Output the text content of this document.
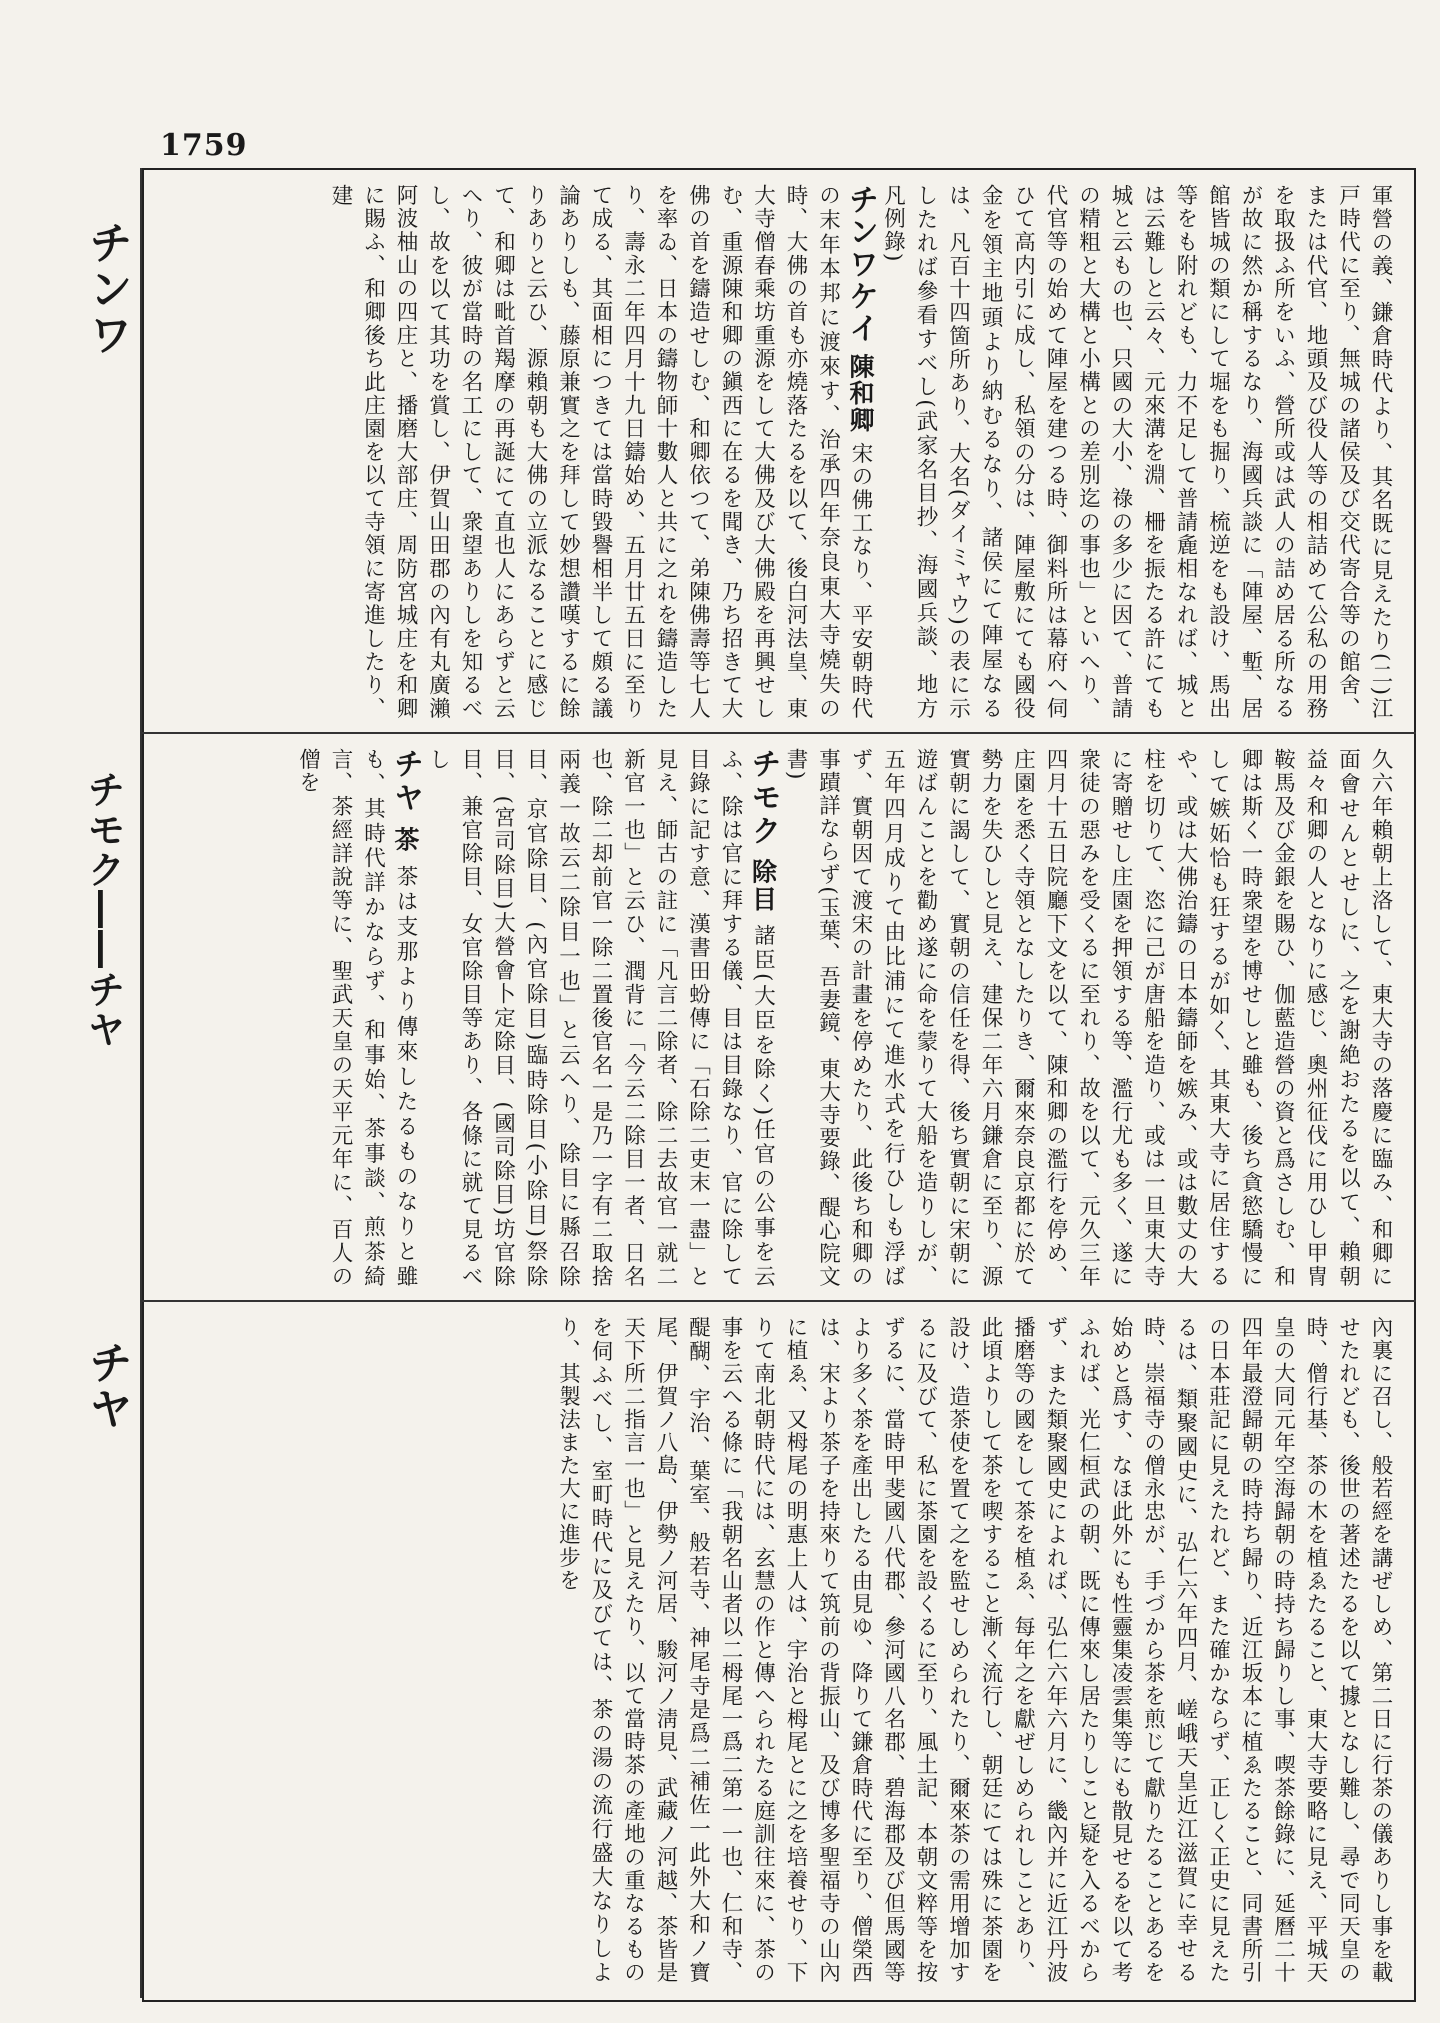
1759
チンワ
チモク――チヤ
チヤ

軍營の義、鎌倉時代より、其名既に見えたり(二)江戸時代に至り、無城の諸侯及び交代寄合等の館舍、または代官、地頭及び役人等の相詰めて公私の用務を取扱ふ所をいふ、營所或は武人の詰め居る所なるが故に然か稱するなり、海國兵談に「陣屋、塹、居館皆城の類にして堀をも掘り、梳逆をも設け、馬出等をも附れども、力不足して普請麁相なれば、城とは云難しと云々、元來溝を淵、柵を振たる許にても城と云もの也、只國の大小、祿の多少に因て、普請の精粗と大構と小構との差別迄の事也」といへり、代官等の始めて陣屋を建つる時、御料所は幕府へ伺ひて高内引に成し、私領の分は、陣屋敷にても國役金を領主地頭より納むるなり、諸侯にて陣屋なるは、凡百十四箇所あり、大名(ダイミャウ)の表に示したれば參看すべし(武家名目抄、海國兵談、地方凡例錄)

チンワケイ 陳和卿 宋の佛工なり、平安朝時代の末年本邦に渡來す、治承四年奈良東大寺燒失の時、大佛の首も亦燒落たるを以て、後白河法皇、東大寺僧春乘坊重源をして大佛及び大佛殿を再興せしむ、重源陳和卿の鎭西に在るを聞き、乃ち招きて大佛の首を鑄造せしむ、和卿依つて、弟陳佛壽等七人を率ゐ、日本の鑄物師十數人と共に之れを鑄造したり、壽永二年四月十九日鑄始め、五月廿五日に至りて成る、其面相につきては當時毀譽相半して頗る議論ありしも、藤原兼實之を拜して妙想讚嘆するに餘りありと云ひ、源賴朝も大佛の立派なることに感じて、和卿は毗首羯摩の再誕にて直也人にあらずと云へり、彼が當時の名工にして、衆望ありしを知るべし、故を以て其功を賞し、伊賀山田郡の內有丸廣瀨阿波柚山の四庄と、播磨大部庄、周防宮城庄を和卿に賜ふ、和卿後ち此庄園を以て寺領に寄進したり、建

久六年賴朝上洛して、東大寺の落慶に臨み、和卿に面會せんとせしに、之を謝絶おたるを以て、賴朝益々和卿の人となりに感じ、奧州征伐に用ひし甲冑鞍馬及び金銀を賜ひ、伽藍造營の資と爲さしむ、和卿は斯く一時衆望を博せしと雖も、後ち貪慾驕慢にして嫉妬恰も狂するが如く、其東大寺に居住するや、或は大佛治鑄の日本鑄師を嫉み、或は數丈の大柱を切りて、恣に己が唐船を造り、或は一旦東大寺に寄贈せし庄園を押領する等、濫行尤も多く、遂に衆徒の惡みを受くるに至れり、故を以て、元久三年四月十五日院廳下文を以て、陳和卿の濫行を停め、庄園を悉く寺領となしたりき、爾來奈良京都に於て勢力を失ひしと見え、建保二年六月鎌倉に至り、源實朝に謁して、實朝の信任を得、後ち實朝に宋朝に遊ばんことを勸め遂に命を蒙りて大船を造りしが、五年四月成りて由比浦にて進水式を行ひしも浮ばず、實朝因て渡宋の計畫を停めたり、此後ち和卿の事蹟詳ならず(玉葉、吾妻鏡、東大寺要錄、醍心院文書)

チモク 除目 諸臣(大臣を除く)任官の公事を云ふ、除は官に拜する儀、目は目錄なり、官に除して目錄に記す意、漢書田蚡傳に「石除二吏末一盡」と見え、師古の註に「凡言二除者、除二去故官一就二新官一也」と云ひ、潤背に「今云二除目一者、日名也、除二却前官一除二置後官名一是乃一字有二取捨兩義一故云二除目一也」と云へり、除目に縣召除目、京官除目、(內官除目)臨時除目(小除目)祭除目、(宮司除目)大營會卜定除目、(國司除目)坊官除目、兼官除目、女官除目等あり、各條に就て見るべし

チヤ 茶 茶は支那より傳來したるものなりと雖も、其時代詳かならず、和事始、茶事談、煎茶綺言、茶經詳說等に、聖武天皇の天平元年に、百人の僧を

內裏に召し、般若經を講ぜしめ、第二日に行茶の儀ありし事を載せたれども、後世の著述たるを以て據となし難し、尋で同天皇の時、僧行基、茶の木を植ゑたること、東大寺要略に見え、平城天皇の大同元年空海歸朝の時持ち歸りし事、喫茶餘錄に、延曆二十四年最澄歸朝の時持ち歸り、近江坂本に植ゑたること、同書所引の日本莊記に見えたれど、また確かならず、正しく正史に見えたるは、類聚國史に、弘仁六年四月、嵯峨天皇近江滋賀に幸せる時、崇福寺の僧永忠が、手づから茶を煎じて獻りたることあるを始めと爲す、なほ此外にも性靈集凌雲集等にも散見せるを以て考ふれば、光仁桓武の朝、既に傳來し居たりしこと疑を入るべからず、また類聚國史によれば、弘仁六年六月に、畿內并に近江丹波播磨等の國をして茶を植ゑ、每年之を獻ぜしめられしことあり、此頃よりして茶を喫すること漸く流行し、朝廷にては殊に茶園を設け、造茶使を置て之を監せしめられたり、爾來茶の需用增加するに及びて、私に茶園を設くるに至り、風土記、本朝文粹等を按ずるに、當時甲斐國八代郡、參河國八名郡、碧海郡及び但馬國等より多く茶を產出したる由見ゆ、降りて鎌倉時代に至り、僧榮西は、宋より茶子を持來りて筑前の背振山、及び博多聖福寺の山內に植ゑ、又栂尾の明惠上人は、宇治と栂尾とに之を培養せり、下りて南北朝時代には、玄慧の作と傳へられたる庭訓往來に、茶の事を云へる條に「我朝名山者以二栂尾一爲二第一一也、仁和寺、醍醐、宇治、葉室、般若寺、神尾寺是爲二補佐一此外大和ノ寶尾、伊賀ノ八島、伊勢ノ河居、駿河ノ淸見、武藏ノ河越、茶皆是天下所二指言一也」と見えたり、以て當時茶の產地の重なるものを伺ふべし、室町時代に及びては、茶の湯の流行盛大なりしより、其製法また大に進步を
